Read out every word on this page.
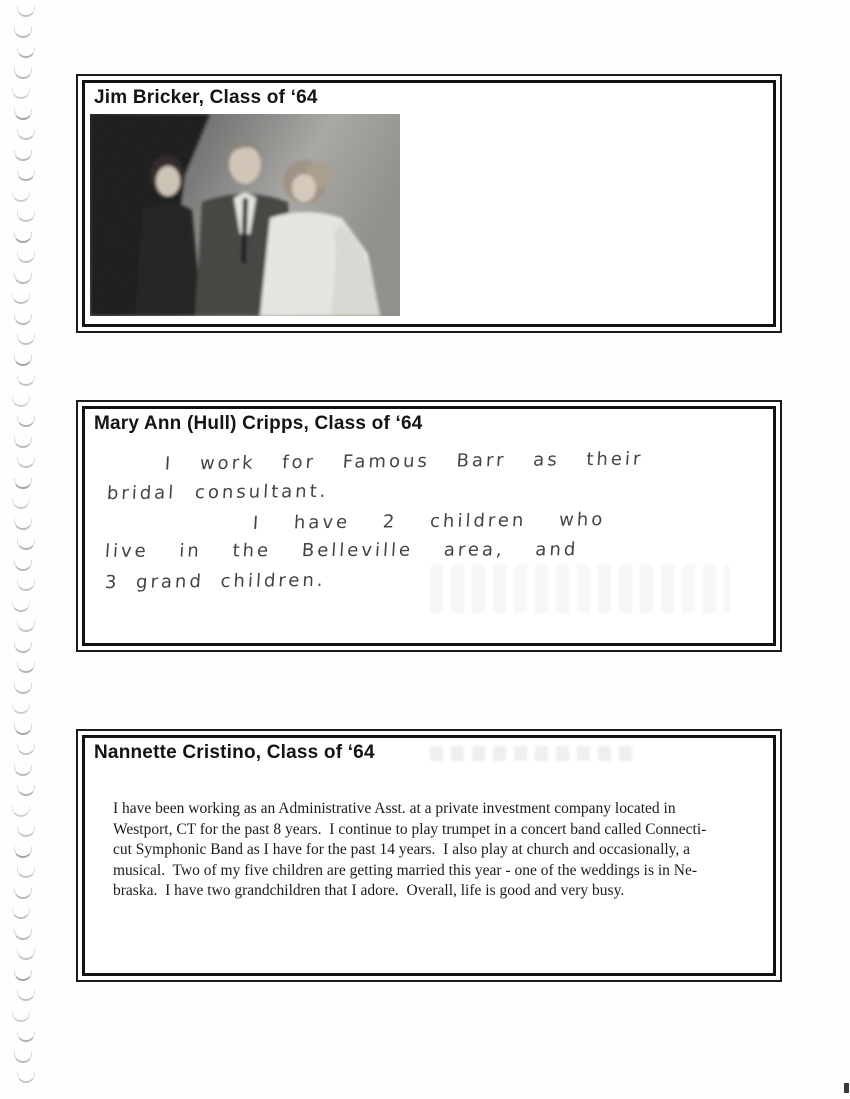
Jim Bricker, Class of ‘64
Mary Ann (Hull) Cripps, Class of ‘64
I work for Famous Barr as their
bridal consultant.
I have 2 children who
live in the Belleville area, and
3 grand children.
Nannette Cristino, Class of ‘64
I have been working as an Administrative Asst. at a private investment company located in
Westport, CT for the past 8 years.  I continue to play trumpet in a concert band called Connecti-
cut Symphonic Band as I have for the past 14 years.  I also play at church and occasionally, a
musical.  Two of my five children are getting married this year - one of the weddings is in Ne-
braska.  I have two grandchildren that I adore.  Overall, life is good and very busy.
